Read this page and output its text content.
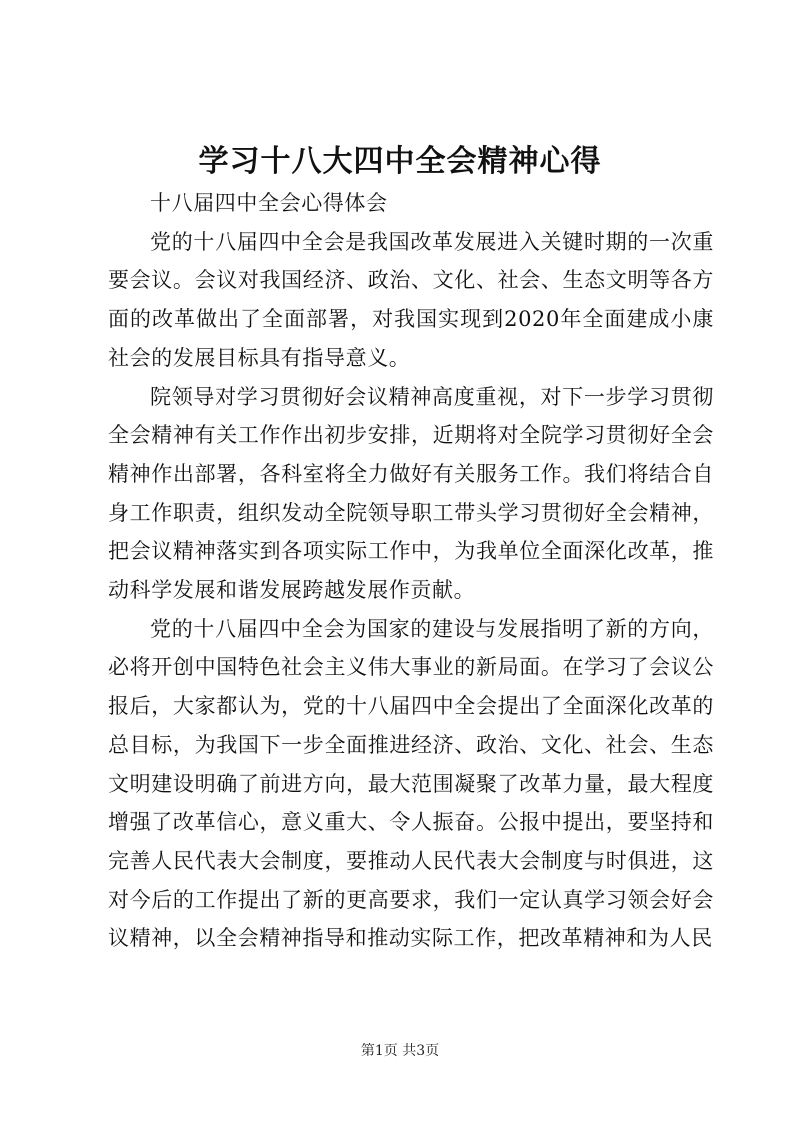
学习十八大四中全会精神心得

十八届四中全会心得体会

党的十八届四中全会是我国改革发展进入关键时期的一次重要会议。会议对我国经济、政治、文化、社会、生态文明等各方面的改革做出了全面部署，对我国实现到2020年全面建成小康社会的发展目标具有指导意义。

院领导对学习贯彻好会议精神高度重视，对下一步学习贯彻全会精神有关工作作出初步安排，近期将对全院学习贯彻好全会精神作出部署，各科室将全力做好有关服务工作。我们将结合自身工作职责，组织发动全院领导职工带头学习贯彻好全会精神，把会议精神落实到各项实际工作中，为我单位全面深化改革，推动科学发展和谐发展跨越发展作贡献。

党的十八届四中全会为国家的建设与发展指明了新的方向，必将开创中国特色社会主义伟大事业的新局面。在学习了会议公报后，大家都认为，党的十八届四中全会提出了全面深化改革的总目标，为我国下一步全面推进经济、政治、文化、社会、生态文明建设明确了前进方向，最大范围凝聚了改革力量，最大程度增强了改革信心，意义重大、令人振奋。公报中提出，要坚持和完善人民代表大会制度，要推动人民代表大会制度与时俱进，这对今后的工作提出了新的更高要求，我们一定认真学习领会好会议精神，以全会精神指导和推动实际工作，把改革精神和为人民

第1页 共3页
